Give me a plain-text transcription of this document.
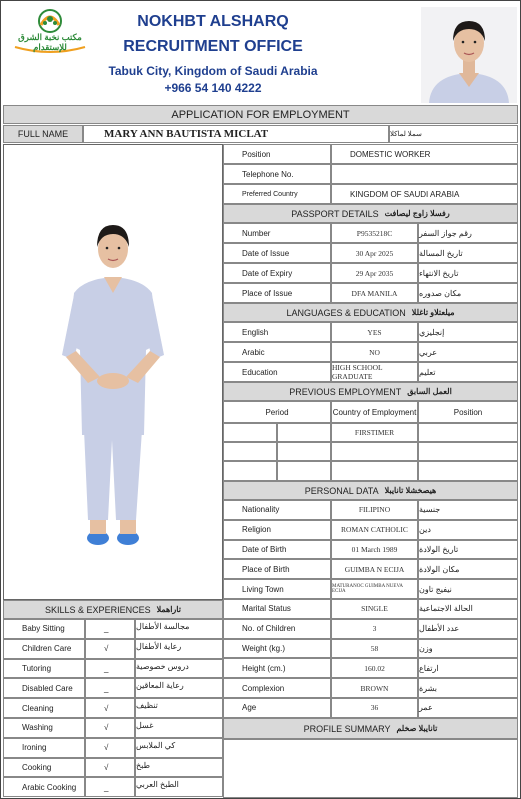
مكتب نخبة الشرق للإستقدام
NOKHBT ALSHARQ
RECRUITMENT OFFICE
Tabuk City, Kingdom of Saudi Arabia
+966 54 140 4222
APPLICATION FOR EMPLOYMENT
FULL NAME	MARY ANN BAUTISTA MICLAT	سملا لماكلا
Position	DOMESTIC WORKER
Telephone No.
Preferred Country	KINGDOM OF SAUDI ARABIA
PASSPORT DETAILS رفسلا زاوج ليصافت
LANGUAGES & EDUCATION ميلعتلاو تاغللا
PREVIOUS EMPLOYMENT العمل السابق
Period	Country of Employment	Position
FIRSTIMER
PERSONAL DATA هيصخشلا تانايبلا
SKILLS & EXPERIENCES تاراهملا
PROFILE SUMMARY تانايبلا صخلم
Number	P9535218C	رقم جواز السفر
Date of Issue	30 Apr 2025	تاريخ المسالة
Date of Expiry	29 Apr 2035	تاريخ الانتهاء
Place of Issue	DFA MANILA	مكان صدوره
English	YES	إنجليزي
Arabic	NO	عربي
Education	HIGH SCHOOL GRADUATE	تعليم
Nationality	FILIPINO	جنسية
Religion	ROMAN CATHOLIC	دين
Date of Birth	01 March 1989	تاريخ الولادة
Place of Birth	GUIMBA N ECIJA	مكان الولادة
Living Town	MATURANOC GUIMBA NUEVA ECIJA	نيفيج تاون
Marital Status	SINGLE	الحالة الاجتماعية
No. of Children	3	عدد الأطفال
Weight (kg.)	58	وزن
Height (cm.)	160.02	ارتفاع
Complexion	BROWN	بشرة
Age	36	عمر
Baby Sitting	_	مجالسة الأطفال
Children Care	√	رعاية الأطفال
Tutoring	_	دروس خصوصية
Disabled Care	_	رعاية المعاقين
Cleaning	√	تنظيف
Washing	√	غسل
Ironing	√	كي الملابس
Cooking	√	طبخ
Arabic Cooking	_	الطبخ العربي
